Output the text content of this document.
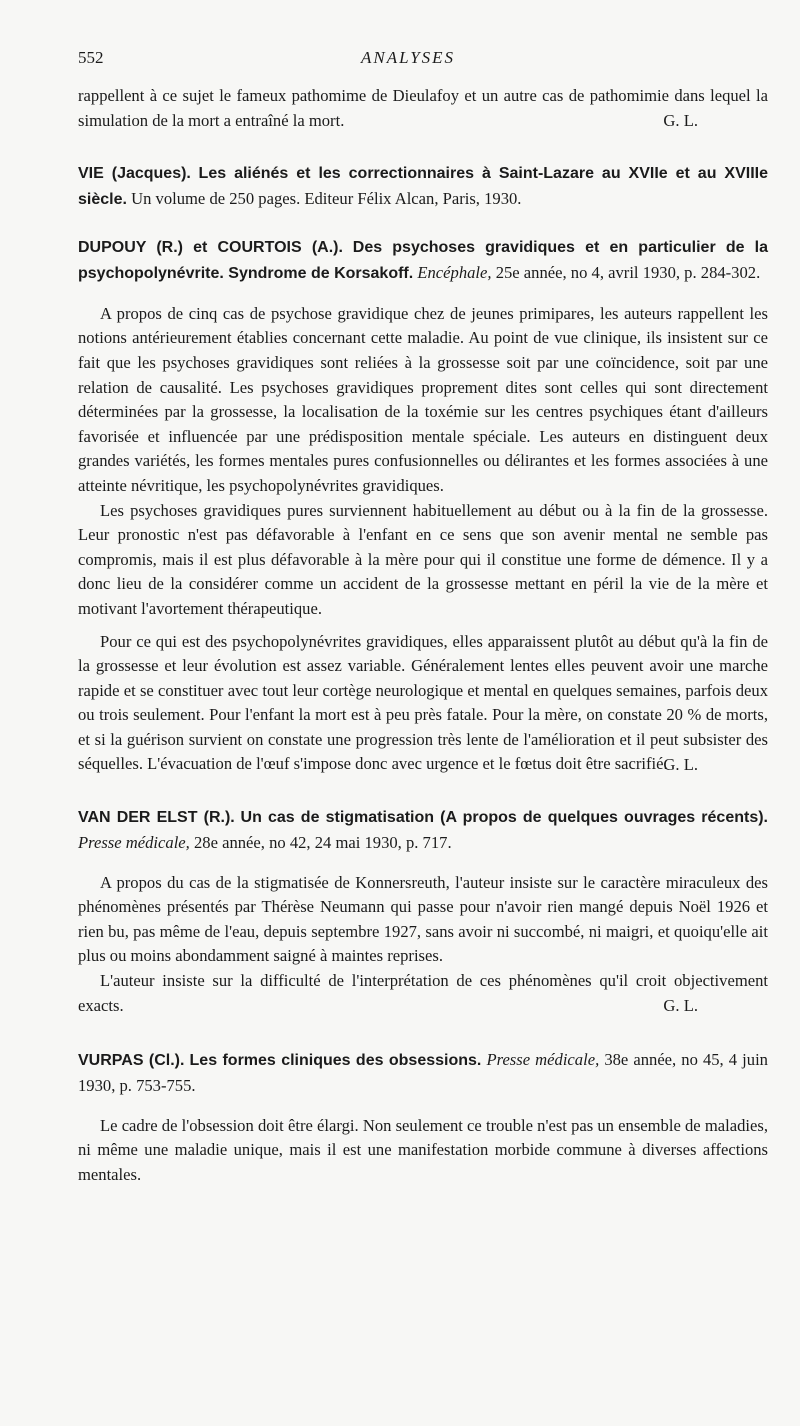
552	ANALYSES

rappellent à ce sujet le fameux pathomime de Dieulafoy et un autre cas de pathomimie dans lequel la simulation de la mort a entraîné la mort.	G. L.

VIE (Jacques). Les aliénés et les correctionnaires à Saint-Lazare au XVIIe et au XVIIIe siècle. Un volume de 250 pages. Editeur Félix Alcan, Paris, 1930.

DUPOUY (R.) et COURTOIS (A.). Des psychoses gravidiques et en particulier de la psychopolynévrite. Syndrome de Korsakoff. Encéphale, 25e année, no 4, avril 1930, p. 284-302.

A propos de cinq cas de psychose gravidique chez de jeunes primipares, les auteurs rappellent les notions antérieurement établies concernant cette maladie. Au point de vue clinique, ils insistent sur ce fait que les psychoses gravidiques sont reliées à la grossesse soit par une coïncidence, soit par une relation de causalité. Les psychoses gravidiques proprement dites sont celles qui sont directement déterminées par la grossesse, la localisation de la toxémie sur les centres psychiques étant d'ailleurs favorisée et influencée par une prédisposition mentale spéciale. Les auteurs en distinguent deux grandes variétés, les formes mentales pures confusionnelles ou délirantes et les formes associées à une atteinte névritique, les psychopolynévrites gravidiques.

Les psychoses gravidiques pures surviennent habituellement au début ou à la fin de la grossesse. Leur pronostic n'est pas défavorable à l'enfant en ce sens que son avenir mental ne semble pas compromis, mais il est plus défavorable à la mère pour qui il constitue une forme de démence. Il y a donc lieu de la considérer comme un accident de la grossesse mettant en péril la vie de la mère et motivant l'avortement thérapeutique.

Pour ce qui est des psychopolynévrites gravidiques, elles apparaissent plutôt au début qu'à la fin de la grossesse et leur évolution est assez variable. Généralement lentes elles peuvent avoir une marche rapide et se constituer avec tout leur cortège neurologique et mental en quelques semaines, parfois deux ou trois seulement. Pour l'enfant la mort est à peu près fatale. Pour la mère, on constate 20 % de morts, et si la guérison survient on constate une progression très lente de l'amélioration et il peut subsister des séquelles. L'évacuation de l'œuf s'impose donc avec urgence et le fœtus doit être sacrifié.

G. L.

VAN DER ELST (R.). Un cas de stigmatisation (A propos de quelques ouvrages récents). Presse médicale, 28e année, no 42, 24 mai 1930, p. 717.

A propos du cas de la stigmatisée de Konnersreuth, l'auteur insiste sur le caractère miraculeux des phénomènes présentés par Thérèse Neumann qui passe pour n'avoir rien mangé depuis Noël 1926 et rien bu, pas même de l'eau, depuis septembre 1927, sans avoir ni succombé, ni maigri, et quoiqu'elle ait plus ou moins abondamment saigné à maintes reprises.

L'auteur insiste sur la difficulté de l'interprétation de ces phénomènes qu'il croit objectivement exacts.	G. L.

VURPAS (Cl.). Les formes cliniques des obsessions. Presse médicale, 38e année, no 45, 4 juin 1930, p. 753-755.

Le cadre de l'obsession doit être élargi. Non seulement ce trouble n'est pas un ensemble de maladies, ni même une maladie unique, mais il est une manifestation morbide commune à diverses affections mentales.
